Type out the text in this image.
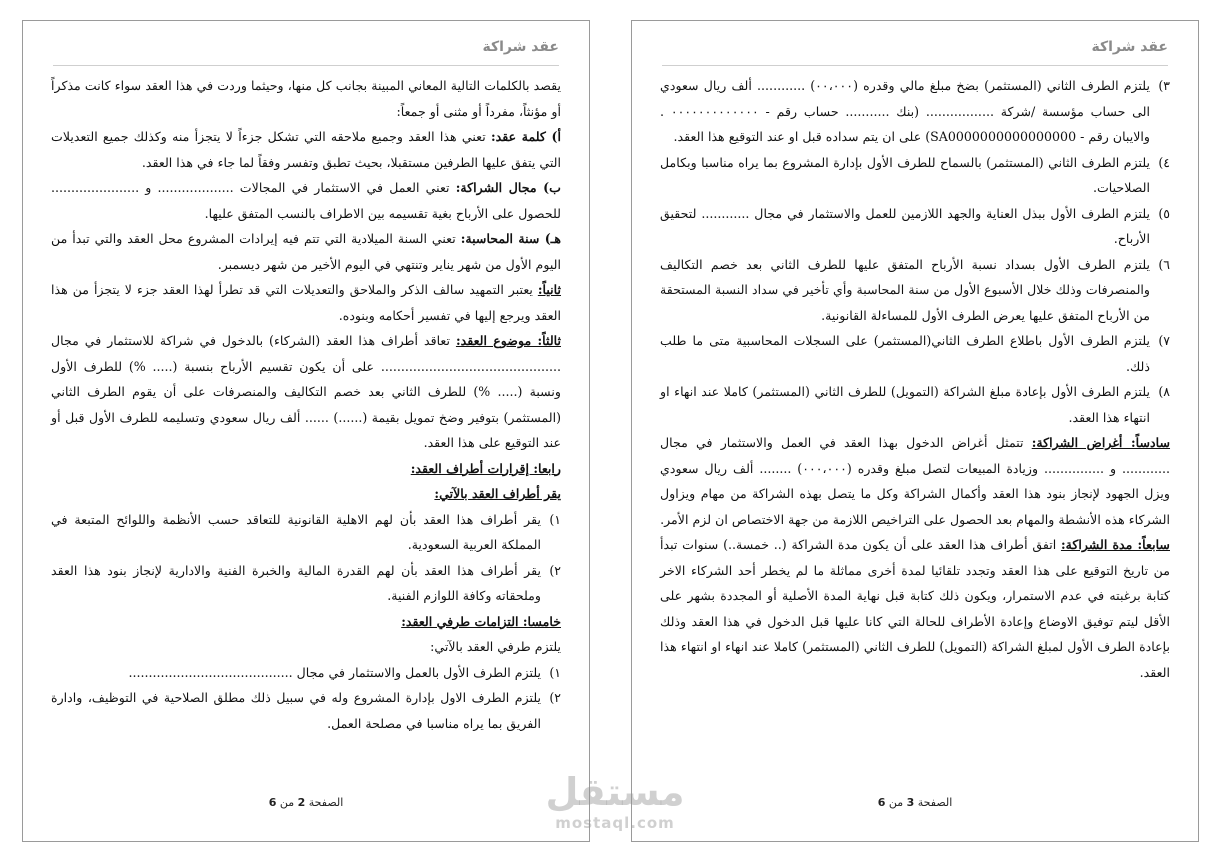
عقد شراكة

يقصد بالكلمات التالية المعاني المبينة بجانب كل منها، وحيثما وردت في هذا العقد سواء كانت مذكراً أو مؤنثاً، مفرداً أو مثنى أو جمعاً:

أ) كلمة عقد: تعني هذا العقد وجميع ملاحقه التي تشكل جزءاً لا يتجزأ منه وكذلك جميع التعديلات التي يتفق عليها الطرفين مستقبلا، بحيث تطبق وتفسر وفقاً لما جاء في هذا العقد.

ب) مجال الشراكة: تعني العمل في الاستثمار في المجالات ................... و ...................... للحصول على الأرباح بغية تقسيمه بين الاطراف بالنسب المتفق عليها.

هـ) سنة المحاسبة: تعني السنة الميلادية التي تتم فيه إيرادات المشروع محل العقد والتي تبدأ من اليوم الأول من شهر يناير وتنتهي في اليوم الأخير من شهر ديسمبر.

ثانياً: يعتبر التمهيد سالف الذكر والملاحق والتعديلات التي قد تطرأ لهذا العقد جزء لا يتجزأ من هذا العقد ويرجع إليها في تفسير أحكامه وبنوده.

ثالثاً: موضوع العقد: تعاقد أطراف هذا العقد (الشركاء) بالدخول في شراكة للاستثمار في مجال ............................................. على أن يكون تقسيم الأرباح بنسبة (..... %) للطرف الأول ونسبة (..... %) للطرف الثاني بعد خصم التكاليف والمنصرفات على أن يقوم الطرف الثاني (المستثمر) بتوفير وضخ تمويل بقيمة (......) ...... ألف ريال سعودي وتسليمه للطرف الأول قبل أو عند التوقيع على هذا العقد.

رابعا: إقرارات أطراف العقد:

يقر أطراف العقد بالآتي:

١)
يقر أطراف هذا العقد بأن لهم الاهلية القانونية للتعاقد حسب الأنظمة واللوائح المتبعة في المملكة العربية السعودية.
٢)
يقر أطراف هذا العقد بأن لهم القدرة المالية والخبرة الفنية والادارية لإنجاز بنود هذا العقد وملحقاته وكافة اللوازم الفنية.

خامسا: التزامات طرفي العقد:

يلتزم طرفي العقد بالآتي:

١)
يلتزم الطرف الأول بالعمل والاستثمار في مجال .........................................
٢)
يلتزم الطرف الاول بإدارة المشروع وله في سبيل ذلك مطلق الصلاحية في التوظيف، وادارة الفريق بما يراه مناسبا في مصلحة العمل.
الصفحة 2 من 6
عقد شراكة
٣)
يلتزم الطرف الثاني (المستثمر) بضخ مبلغ مالي وقدره (٠٠،٠٠٠) ............ ألف ريال سعودي الى حساب مؤسسة /شركة ................. (بنك ........... حساب رقم - ٠٠٠٠٠٠٠٠٠٠٠٠٠ . والايبان رقم - SA0000000000000000) على ان يتم سداده قبل او عند التوقيع هذا العقد.
٤)
يلتزم الطرف الثاني (المستثمر) بالسماح للطرف الأول بإدارة المشروع بما يراه مناسبا وبكامل الصلاحيات.
٥)
يلتزم الطرف الأول ببذل العناية والجهد اللازمين للعمل والاستثمار في مجال ............ لتحقيق الأرباح.
٦)
يلتزم الطرف الأول بسداد نسبة الأرباح المتفق عليها للطرف الثاني بعد خصم التكاليف والمنصرفات وذلك خلال الأسبوع الأول من سنة المحاسبة وأي تأخير في سداد النسبة المستحقة من الأرباح المتفق عليها يعرض الطرف الأول للمساءلة القانونية.
٧)
يلتزم الطرف الأول باطلاع الطرف الثاني(المستثمر) على السجلات المحاسبية متى ما طلب ذلك.
٨)
يلتزم الطرف الأول بإعادة مبلغ الشراكة (التمويل) للطرف الثاني (المستثمر) كاملا عند انهاء او انتهاء هذا العقد.

سادساً: أغراض الشراكة: تتمثل أغراض الدخول بهذا العقد في العمل والاستثمار في مجال ............ و ............... وزيادة المبيعات لتصل مبلغ وقدره (٠٠٠،٠٠٠) ........ ألف ريال سعودي ويزل الجهود لإنجاز بنود هذا العقد وأكمال الشراكة وكل ما يتصل بهذه الشراكة من مهام ويزاول الشركاء هذه الأنشطة والمهام بعد الحصول على التراخيص اللازمة من جهة الاختصاص ان لزم الأمر.

سابعاً: مدة الشراكة: اتفق أطراف هذا العقد على أن يكون مدة الشراكة (.. خمسة..) سنوات تبدأ من تاريخ التوقيع على هذا العقد وتجدد تلقائيا لمدة أخرى مماثلة ما لم يخطر أحد الشركاء الاخر كتابة برغبته في عدم الاستمرار، ويكون ذلك كتابة قبل نهاية المدة الأصلية أو المجددة بشهر على الأقل ليتم توفيق الاوضاع وإعادة الأطراف للحالة التي كانا عليها قبل الدخول في هذا العقد وذلك بإعادة الطرف الأول لمبلغ الشراكة (التمويل) للطرف الثاني (المستثمر) كاملا عند انهاء او انتهاء هذا العقد.

الصفحة 3 من 6
مستقل
mostaql.com
